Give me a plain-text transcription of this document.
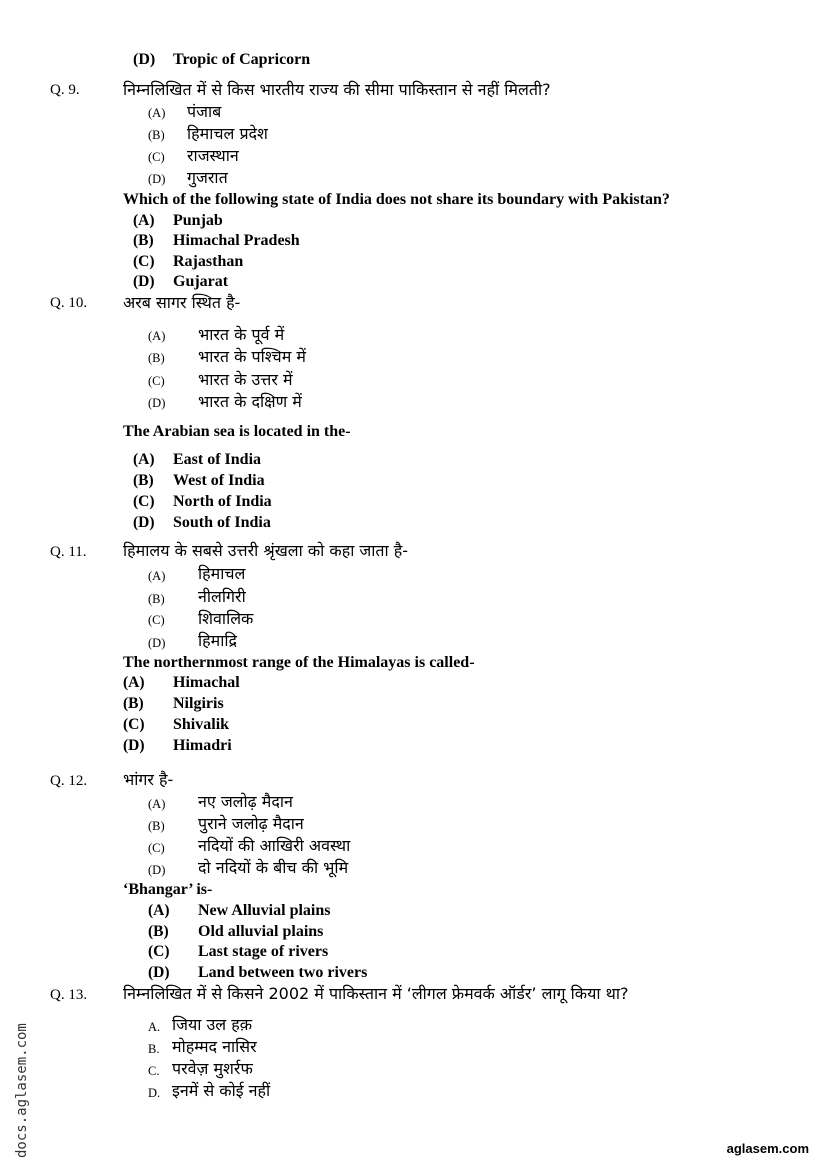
(D) Tropic of Capricorn
Q. 9.	निम्नलिखित में से किस भारतीय राज्य की सीमा पाकिस्तान से नहीं मिलती?
(A) पंजाब
(B) हिमाचल प्रदेश
(C) राजस्थान
(D) गुजरात
Which of the following state of India does not share its boundary with Pakistan?
(A) Punjab
(B) Himachal Pradesh
(C) Rajasthan
(D) Gujarat
Q. 10. अरब सागर स्थित है-
(A) भारत के पूर्व में
(B) भारत के पश्चिम में
(C) भारत के उत्तर में
(D) भारत के दक्षिण में
The Arabian sea is located in the-
(A) East of India
(B) West of India
(C) North of India
(D) South of India
Q. 11. हिमालय के सबसे उत्तरी श्रृंखला को कहा जाता है-
(A) हिमाचल
(B) नीलगिरी
(C) शिवालिक
(D) हिमाद्रि
The northernmost range of the Himalayas is called-
(A) Himachal
(B) Nilgiris
(C) Shivalik
(D) Himadri
Q. 12. भांगर है-
(A) नए जलोढ़ मैदान
(B) पुराने जलोढ़ मैदान
(C) नदियों की आखिरी अवस्था
(D) दो नदियों के बीच की भूमि
‘Bhangar’ is-
(A) New Alluvial plains
(B) Old alluvial plains
(C) Last stage of rivers
(D) Land between two rivers
Q. 13. निम्नलिखित में से किसने 2002 में पाकिस्तान में ‘लीगल फ्रेमवर्क ऑर्डर’ लागू किया था?
A. जिया उल हक़
B. मोहम्मद नासिर
C. परवेज़ मुशर्रफ
D. इनमें से कोई नहीं
docs.aglasem.com	aglasem.com
